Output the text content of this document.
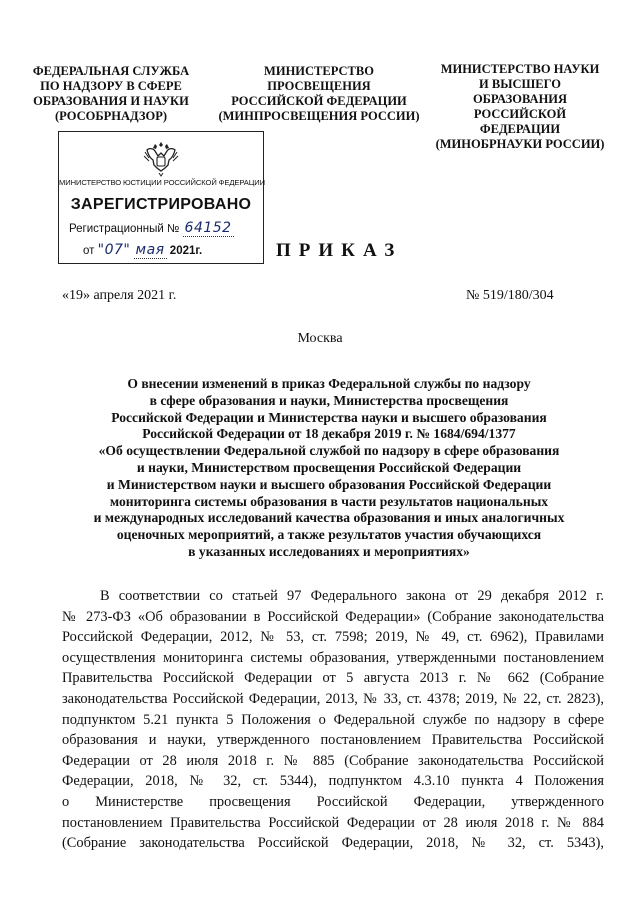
ФЕДЕРАЛЬНАЯ СЛУЖБА
ПО НАДЗОРУ В СФЕРЕ
ОБРАЗОВАНИЯ И НАУКИ
(РОСОБРНАДЗОР)
МИНИСТЕРСТВО
ПРОСВЕЩЕНИЯ
РОССИЙСКОЙ ФЕДЕРАЦИИ
(МИНПРОСВЕЩЕНИЯ РОССИИ)
МИНИСТЕРСТВО НАУКИ
И ВЫСШЕГО
ОБРАЗОВАНИЯ
РОССИЙСКОЙ
ФЕДЕРАЦИИ
(МИНОБРНАУКИ РОССИИ)
МИНИСТЕРСТВО ЮСТИЦИИ РОССИЙСКОЙ ФЕДЕРАЦИИ
ЗАРЕГИСТРИРОВАНО
Регистрационный № 64152
от "07" мая 2021г.	ПРИКАЗ
«19» апреля 2021 г.	№ 519/180/304
Москва
О внесении изменений в приказ Федеральной службы по надзору
в сфере образования и науки, Министерства просвещения
Российской Федерации и Министерства науки и высшего образования
Российской Федерации от 18 декабря 2019 г. № 1684/694/1377
«Об осуществлении Федеральной службой по надзору в сфере образования
и науки, Министерством просвещения Российской Федерации
и Министерством науки и высшего образования Российской Федерации
мониторинга системы образования в части результатов национальных
и международных исследований качества образования и иных аналогичных
оценочных мероприятий, а также результатов участия обучающихся
в указанных исследованиях и мероприятиях»
В соответствии со статьей 97 Федерального закона от 29 декабря 2012 г.
№ 273-ФЗ «Об образовании в Российской Федерации» (Собрание законодательства
Российской Федерации, 2012, № 53, ст. 7598; 2019, № 49, ст. 6962), Правилами
осуществления мониторинга системы образования, утвержденными постановлением
Правительства Российской Федерации от 5 августа 2013 г. № 662 (Собрание
законодательства Российской Федерации, 2013, № 33, ст. 4378; 2019, № 22, ст. 2823),
подпунктом 5.21 пункта 5 Положения о Федеральной службе по надзору в сфере
образования и науки, утвержденного постановлением Правительства Российской
Федерации от 28 июля 2018 г. № 885 (Собрание законодательства Российской
Федерации, 2018, № 32, ст. 5344), подпунктом 4.3.10 пункта 4 Положения
о Министерстве просвещения Российской Федерации, утвержденного
постановлением Правительства Российской Федерации от 28 июля 2018 г. № 884
(Собрание законодательства Российской Федерации, 2018, № 32, ст. 5343),
